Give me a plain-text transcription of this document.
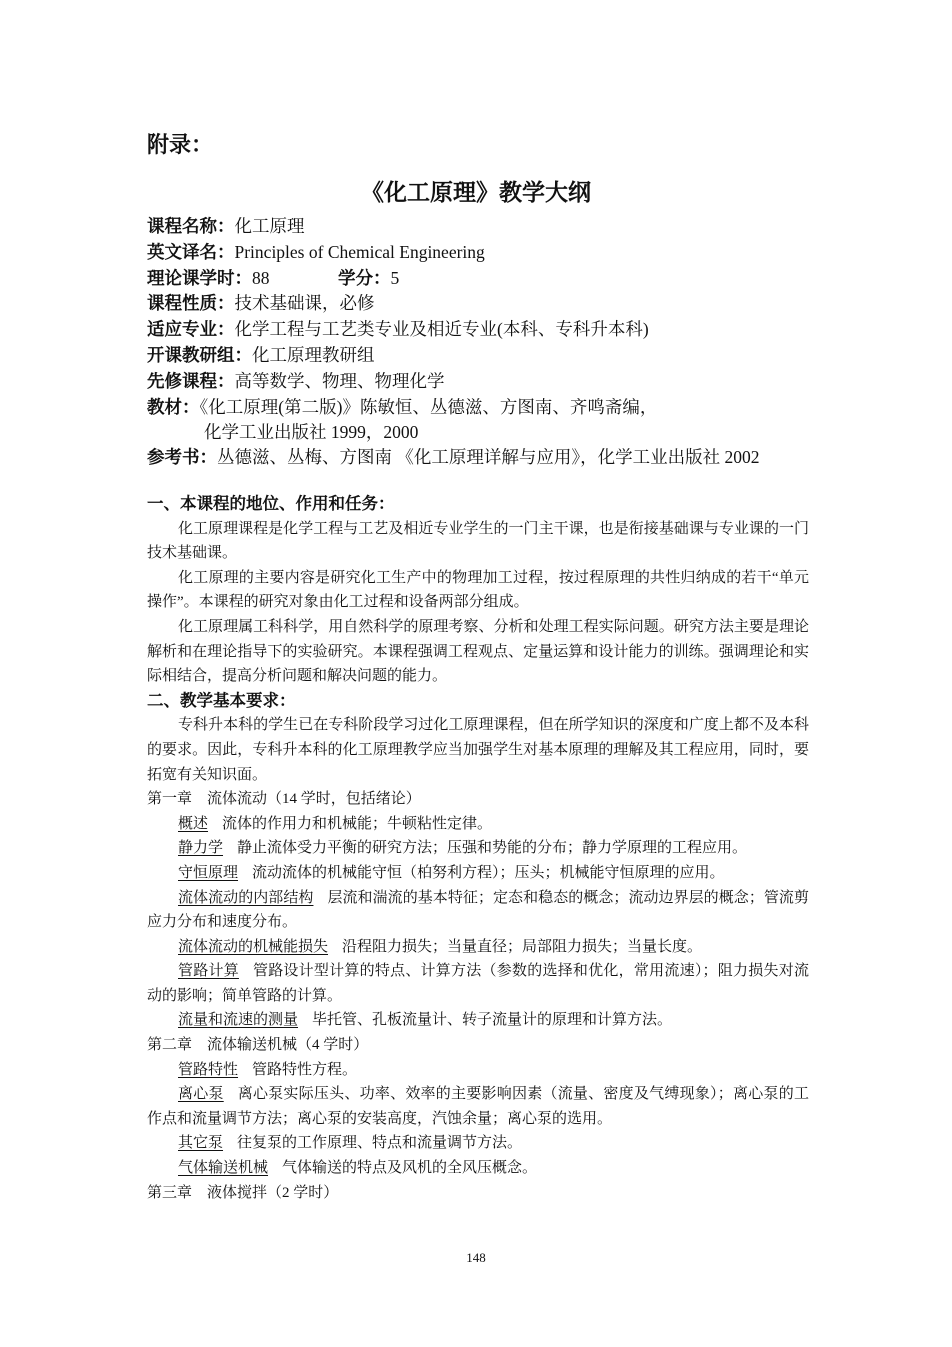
附录：
《化工原理》教学大纲
课程名称：化工原理
英文译名：Principles of Chemical Engineering
理论课学时：88	学分：5
课程性质：技术基础课，必修
适应专业：化学工程与工艺类专业及相近专业(本科、专科升本科)
开课教研组：化工原理教研组
先修课程：高等数学、物理、物理化学
教材：《化工原理(第二版)》陈敏恒、丛德滋、方图南、齐鸣斋编，
化学工业出版社 1999，2000
参考书：丛德滋、丛梅、方图南 《化工原理详解与应用》，化学工业出版社 2002
一、本课程的地位、作用和任务：
化工原理课程是化学工程与工艺及相近专业学生的一门主干课，也是衔接基础课与专业课的一门技术基础课。
化工原理的主要内容是研究化工生产中的物理加工过程，按过程原理的共性归纳成的若干“单元操作”。本课程的研究对象由化工过程和设备两部分组成。
化工原理属工科科学，用自然科学的原理考察、分析和处理工程实际问题。研究方法主要是理论解析和在理论指导下的实验研究。本课程强调工程观点、定量运算和设计能力的训练。强调理论和实际相结合，提高分析问题和解决问题的能力。
二、教学基本要求：
专科升本科的学生已在专科阶段学习过化工原理课程，但在所学知识的深度和广度上都不及本科的要求。因此，专科升本科的化工原理教学应当加强学生对基本原理的理解及其工程应用，同时，要拓宽有关知识面。
第一章　流体流动（14 学时，包括绪论）
概述 流体的作用力和机械能；牛顿粘性定律。
静力学 静止流体受力平衡的研究方法；压强和势能的分布；静力学原理的工程应用。
守恒原理 流动流体的机械能守恒（柏努利方程）；压头；机械能守恒原理的应用。
流体流动的内部结构 层流和湍流的基本特征；定态和稳态的概念；流动边界层的概念；管流剪应力分布和速度分布。
流体流动的机械能损失 沿程阻力损失；当量直径；局部阻力损失；当量长度。
管路计算 管路设计型计算的特点、计算方法（参数的选择和优化，常用流速）；阻力损失对流动的影响；简单管路的计算。
流量和流速的测量 毕托管、孔板流量计、转子流量计的原理和计算方法。
第二章　流体输送机械（4 学时）
管路特性 管路特性方程。
离心泵 离心泵实际压头、功率、效率的主要影响因素（流量、密度及气缚现象）；离心泵的工作点和流量调节方法；离心泵的安装高度，汽蚀余量；离心泵的选用。
其它泵 往复泵的工作原理、特点和流量调节方法。
气体输送机械 气体输送的特点及风机的全风压概念。
第三章　液体搅拌（2 学时）
148
